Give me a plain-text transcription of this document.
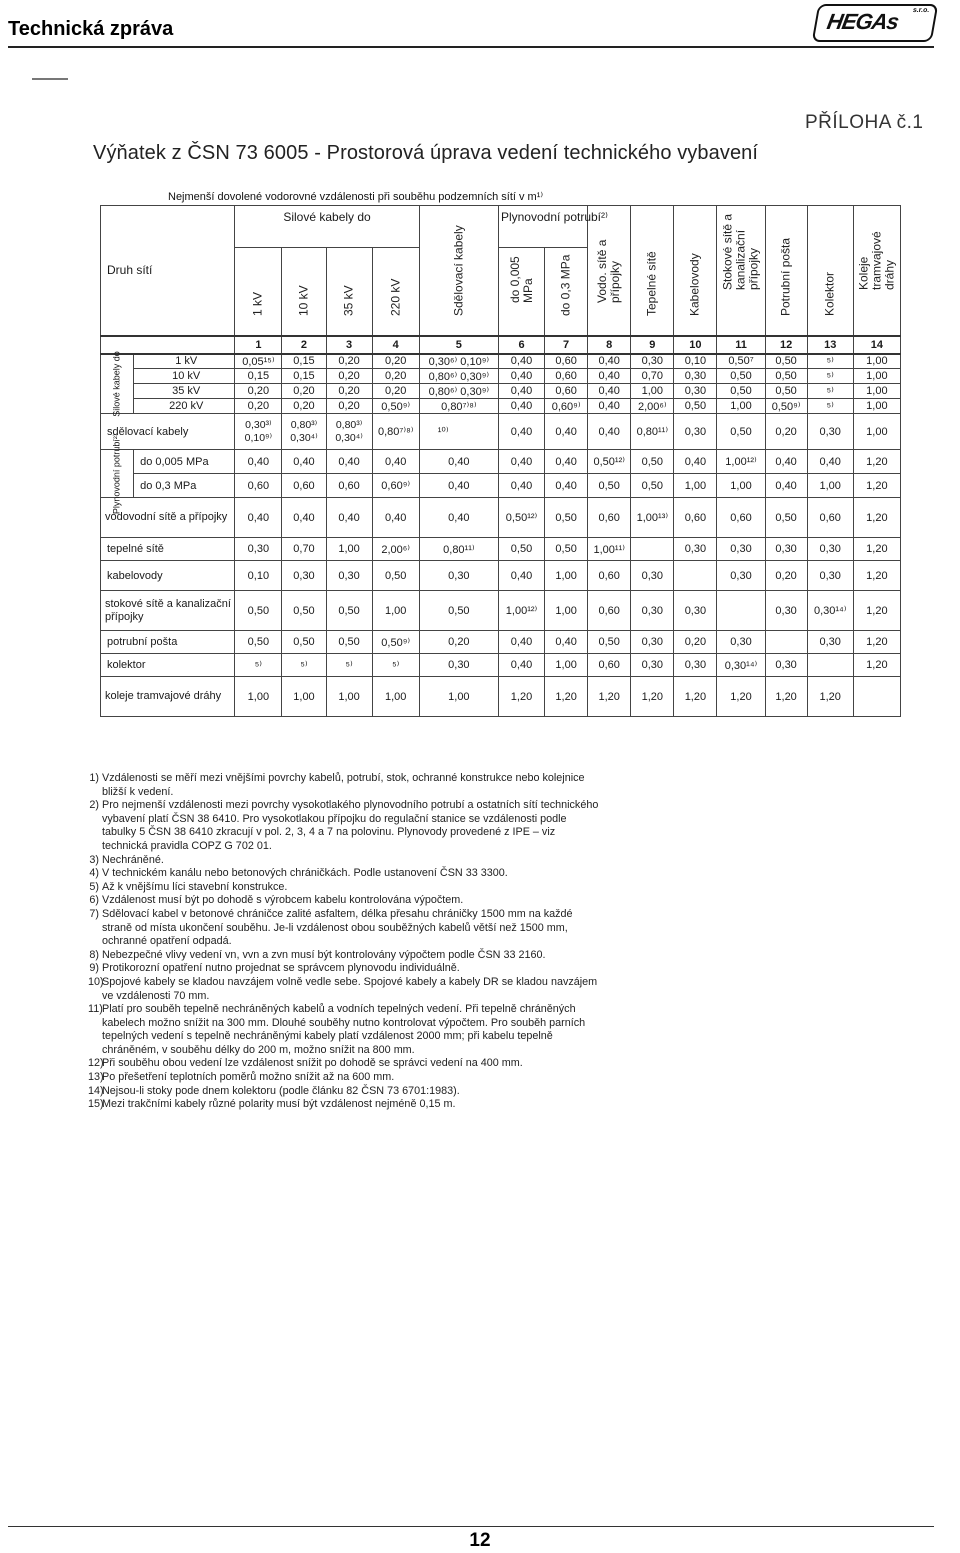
Technická zpráva	HEGAs s.r.o.
PŘÍLOHA č.1
Výňatek z ČSN 73 6005 - Prostorová úprava vedení technického vybavení
Nejmenší dovolené vodorovné vzdálenosti při souběhu podzemních sítí v m¹⁾
Druh sítí		Silové kabely do				Sdělovací kabely	Plynovodní potrubí²⁾		Vodo. sítě a přípojky	Tepelné sítě	Kabelovody	Stokové sítě a kanalizační přípojky	Potrubní pošta	Kolektor	Koleje tramvajové dráhy

		1 kV	10 kV	35 kV	220 kV		do 0,005 MPa	do 0,3 MPa							

		1	2	3	4	5	6	7	8	9	10	11	12	13	14

Silové kabely do	1 kV	0,05¹⁵⁾	0,15	0,20	0,20	0,30⁶⁾ 0,10⁹⁾	0,40	0,60	0,40	0,30	0,10	0,50⁷	0,50	⁵⁾	1,00
	10 kV	0,15	0,15	0,20	0,20	0,80⁶⁾ 0,30⁹⁾	0,40	0,60	0,40	0,70	0,30	0,50	0,50	⁵⁾	1,00
	35 kV	0,20	0,20	0,20	0,20	0,80⁶⁾ 0,30⁹⁾	0,40	0,60	0,40	1,00	0,30	0,50	0,50	⁵⁾	1,00
	220 kV	0,20	0,20	0,20	0,50⁹⁾	0,80⁷⁾⁸⁾	0,40	0,60⁹⁾	0,40	2,00⁶⁾	0,50	1,00	0,50⁹⁾	⁵⁾	1,00
sdělovací kabely		0,30³⁾ 0,10⁹⁾	0,80³⁾ 0,30⁴⁾	0,80³⁾ 0,30⁴⁾	0,80⁷⁾⁸⁾	¹⁰⁾	0,40	0,40	0,40	0,80¹¹⁾	0,30	0,50	0,20	0,30	1,00

Plynovodní potrubí²⁾	do 0,005 MPa	0,40	0,40	0,40	0,40	0,40	0,40	0,40	0,50¹²⁾	0,50	0,40	1,00¹²⁾	0,40	0,40	1,20
	do 0,3 MPa	0,60	0,60	0,60	0,60⁹⁾	0,40	0,40	0,40	0,50	0,50	1,00	1,00	0,40	1,00	1,20
vodovodní sítě a přípojky		0,40	0,40	0,40	0,40	0,40	0,50¹²⁾	0,50	0,60	1,00¹³⁾	0,60	0,60	0,50	0,60	1,20
tepelné sítě		0,30	0,70	1,00	2,00⁶⁾	0,80¹¹⁾	0,50	0,50	1,00¹¹⁾		0,30	0,30	0,30	0,30	1,20
kabelovody		0,10	0,30	0,30	0,50	0,30	0,40	1,00	0,60	0,30		0,30	0,20	0,30	1,20
stokové sítě a kanalizační přípojky		0,50	0,50	0,50	1,00	0,50	1,00¹²⁾	1,00	0,60	0,30	0,30		0,30	0,30¹⁴⁾	1,20
potrubní pošta		0,50	0,50	0,50	0,50⁹⁾	0,20	0,40	0,40	0,50	0,30	0,20	0,30		0,30	1,20
kolektor		⁵⁾	⁵⁾	⁵⁾	⁵⁾	0,30	0,40	1,00	0,60	0,30	0,30	0,30¹⁴⁾	0,30		1,20
koleje tramvajové dráhy		1,00	1,00	1,00	1,00	1,00	1,20	1,20	1,20	1,20	1,20	1,20	1,20	1,20	
1) Vzdálenosti se měří mezi vnějšími povrchy kabelů, potrubí, stok, ochranné konstrukce nebo kolejnice bližší k vedení.
2) Pro nejmenší vzdálenosti mezi povrchy vysokotlakého plynovodního potrubí a ostatních sítí technického vybavení platí ČSN 38 6410. Pro vysokotlakou přípojku do regulační stanice se vzdálenosti podle tabulky 5 ČSN 38 6410 zkracují v pol. 2, 3, 4 a 7 na polovinu. Plynovody provedené z IPE – viz technická pravidla COPZ G 702 01.
3) Nechráněné.
4) V technickém kanálu nebo betonových chráničkách. Podle ustanovení ČSN 33 3300.
5) Až k vnějšímu líci stavební konstrukce.
6) Vzdálenost musí být po dohodě s výrobcem kabelu kontrolována výpočtem.
7) Sdělovací kabel v betonové chráničce zalité asfaltem, délka přesahu chráničky 1500 mm na každé straně od místa ukončení souběhu. Je-li vzdálenost obou souběžných kabelů větší než 1500 mm, ochranné opatření odpadá.
8) Nebezpečné vlivy vedení vn, vvn a zvn musí být kontrolovány výpočtem podle ČSN 33 2160.
9) Protikorozní opatření nutno projednat se správcem plynovodu individuálně.
10)
Spojové kabely se kladou navzájem volně vedle sebe. Spojové kabely a kabely DR se kladou navzájem ve vzdálenosti 70 mm.
11) Platí pro souběh tepelně nechráněných kabelů a vodních tepelných vedení. Při tepelně chráněných kabelech možno snížit na 300 mm. Dlouhé souběhy nutno kontrolovat výpočtem. Pro souběh parních tepelných vedení s tepelně nechráněnými kabely platí vzdálenost 2000 mm; při kabelu tepelně chráněném, v souběhu délky do 200 m, možno snížit na 800 mm.
12)
Při souběhu obou vedení lze vzdálenost snížit po dohodě se správci vedení na 400 mm.
13)
Po přešetření teplotních poměrů možno snížit až na 600 mm.
14)
Nejsou-li stoky pode dnem kolektoru (podle článku 82 ČSN 73 6701:1983).
15)
Mezi trakčními kabely různé polarity musí být vzdálenost nejméně 0,15 m.
12
